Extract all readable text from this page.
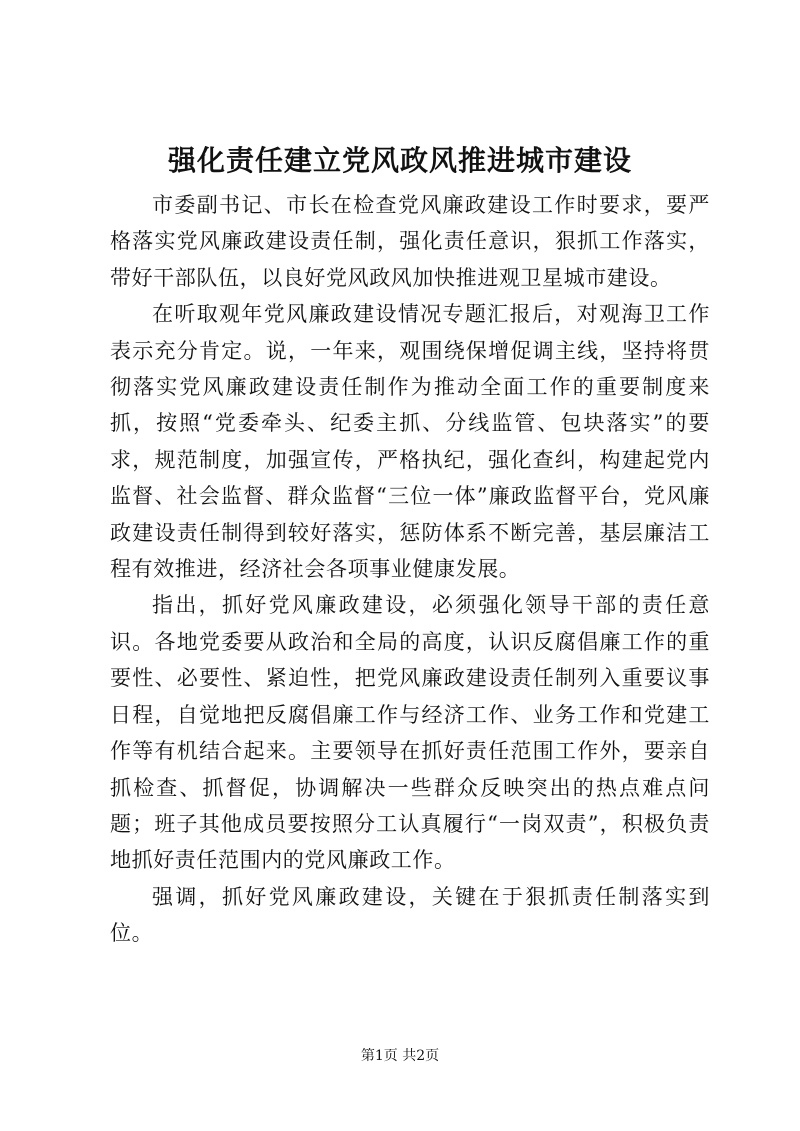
强化责任建立党风政风推进城市建设

市委副书记、市长在检查党风廉政建设工作时要求，要严格落实党风廉政建设责任制，强化责任意识，狠抓工作落实，带好干部队伍，以良好党风政风加快推进观卫星城市建设。

在听取观年党风廉政建设情况专题汇报后，对观海卫工作表示充分肯定。说，一年来，观围绕保增促调主线，坚持将贯彻落实党风廉政建设责任制作为推动全面工作的重要制度来抓，按照“党委牵头、纪委主抓、分线监管、包块落实”的要求，规范制度，加强宣传，严格执纪，强化查纠，构建起党内监督、社会监督、群众监督“三位一体”廉政监督平台，党风廉政建设责任制得到较好落实，惩防体系不断完善，基层廉洁工程有效推进，经济社会各项事业健康发展。

指出，抓好党风廉政建设，必须强化领导干部的责任意识。各地党委要从政治和全局的高度，认识反腐倡廉工作的重要性、必要性、紧迫性，把党风廉政建设责任制列入重要议事日程，自觉地把反腐倡廉工作与经济工作、业务工作和党建工作等有机结合起来。主要领导在抓好责任范围工作外，要亲自抓检查、抓督促，协调解决一些群众反映突出的热点难点问题；班子其他成员要按照分工认真履行“一岗双责”，积极负责地抓好责任范围内的党风廉政工作。

强调，抓好党风廉政建设，关键在于狠抓责任制落实到位。

第1页 共2页
